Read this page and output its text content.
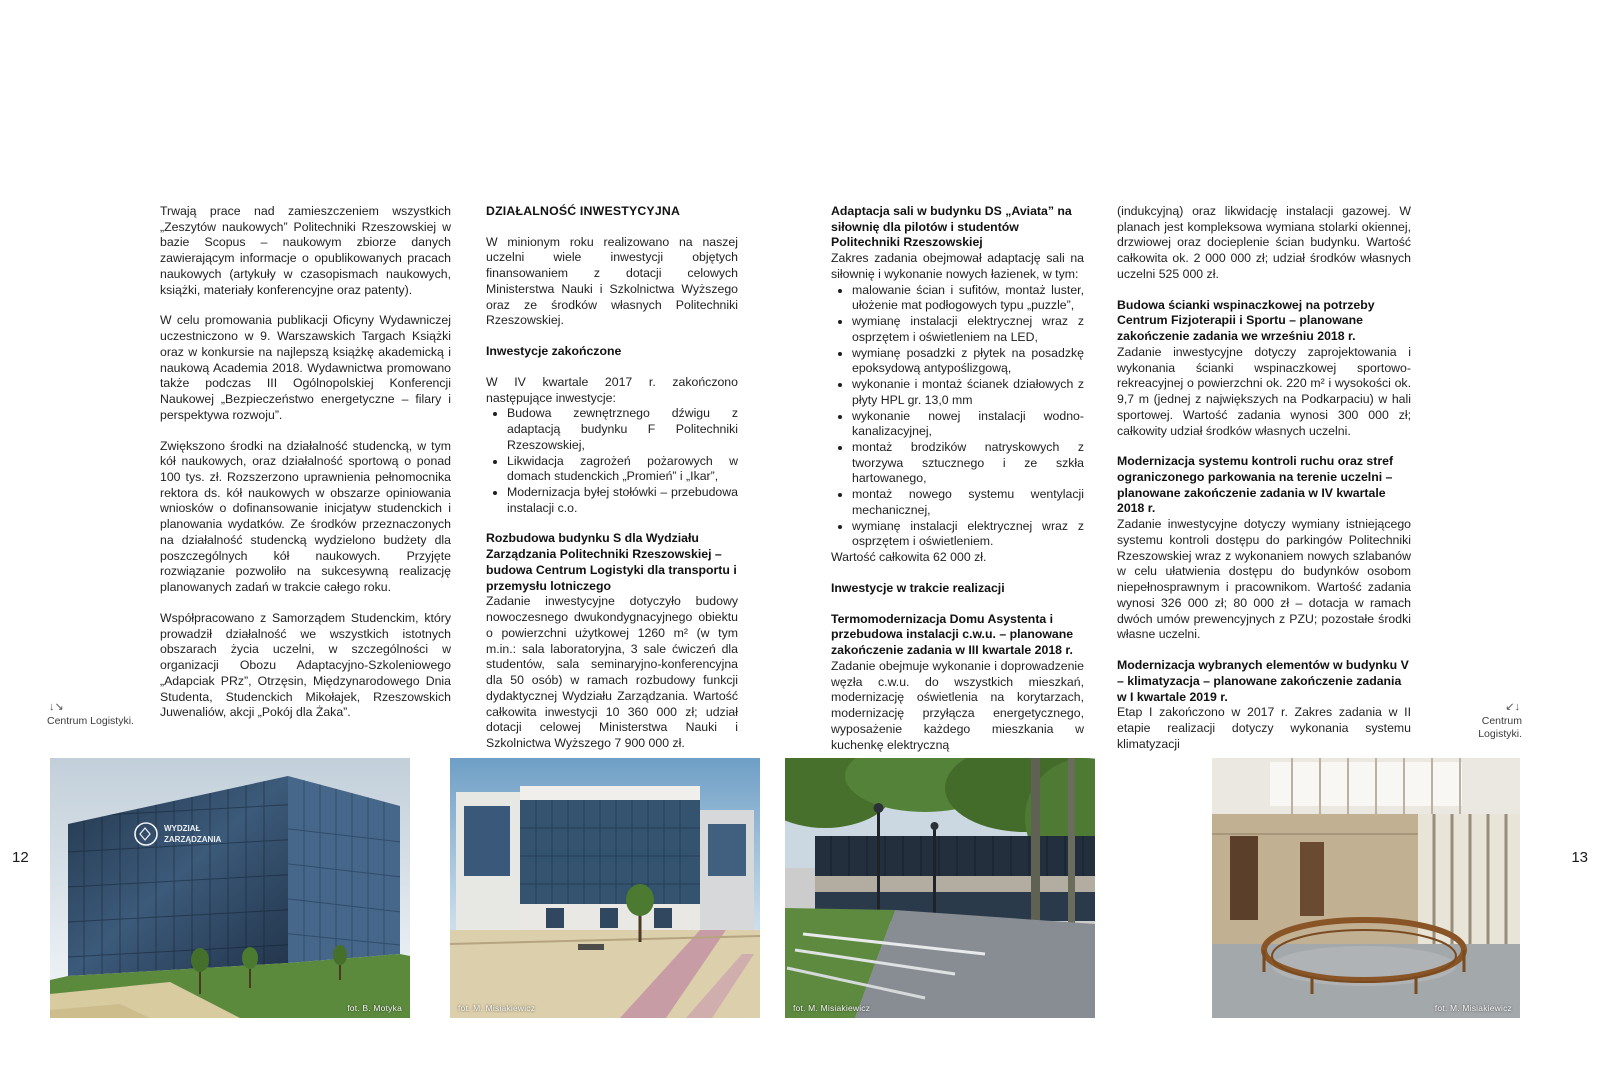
12	13
↓↘
Centrum Logistyki.
↙↓
Centrum Logistyki.

Trwają prace nad zamieszczeniem wszystkich „Zeszytów naukowych” Politechniki Rzeszowskiej w bazie Scopus – naukowym zbiorze danych zawierającym informacje o opublikowanych pracach naukowych (artykuły w czasopismach naukowych, książki, materiały konferencyjne oraz patenty).

W celu promowania publikacji Oficyny Wydawniczej uczestniczono w 9. Warszawskich Targach Książki oraz w konkursie na najlepszą książkę akademicką i naukową Academia 2018. Wydawnictwa promowano także podczas III Ogólnopolskiej Konferencji Naukowej „Bezpieczeństwo energetyczne – filary i perspektywa rozwoju”.

Zwiększono środki na działalność studencką, w tym kół naukowych, oraz działalność sportową o ponad 100 tys. zł. Rozszerzono uprawnienia pełnomocnika rektora ds. kół naukowych w obszarze opiniowania wniosków o dofinansowanie inicjatyw studenckich i planowania wydatków. Ze środków przeznaczonych na działalność studencką wydzielono budżety dla poszczególnych kół naukowych. Przyjęte rozwiązanie pozwoliło na sukcesywną realizację planowanych zadań w trakcie całego roku.

Współpracowano z Samorządem Studenckim, który prowadził działalność we wszystkich istotnych obszarach życia uczelni, w szczególności w organizacji Obozu Adaptacyjno-Szkoleniowego „Adapciak PRz”, Otrzęsin, Międzynarodowego Dnia Studenta, Studenckich Mikołajek, Rzeszowskich Juwenaliów, akcji „Pokój dla Żaka”.

DZIAŁALNOŚĆ INWESTYCYJNA

W minionym roku realizowano na naszej uczelni wiele inwestycji objętych finansowaniem z dotacji celowych Ministerstwa Nauki i Szkolnictwa Wyższego oraz ze środków własnych Politechniki Rzeszowskiej.

Inwestycje zakończone

W IV kwartale 2017 r. zakończono następujące inwestycje:

• Budowa zewnętrznego dźwigu z adaptacją budynku F Politechniki Rzeszowskiej,
• Likwidacja zagrożeń pożarowych w domach studenckich „Promień” i „Ikar”,
• Modernizacja byłej stołówki – przebudowa instalacji c.o.
Rozbudowa budynku S dla Wydziału Zarządzania Politechniki Rzeszowskiej – budowa Centrum Logistyki dla transportu i przemysłu lotniczego

Zadanie inwestycyjne dotyczyło budowy nowoczesnego dwukondygnacyjnego obiektu o powierzchni użytkowej 1260 m² (w tym m.in.: sala laboratoryjna, 3 sale ćwiczeń dla studentów, sala seminaryjno-konferencyjna dla 50 osób) w ramach rozbudowy funkcji dydaktycznej Wydziału Zarządzania. Wartość całkowita inwestycji 10 360 000 zł; udział dotacji celowej Ministerstwa Nauki i Szkolnictwa Wyższego 7 900 000 zł.

Adaptacja sali w budynku DS „Aviata” na siłownię dla pilotów i studentów Politechniki Rzeszowskiej

Zakres zadania obejmował adaptację sali na siłownię i wykonanie nowych łazienek, w tym:

• malowanie ścian i sufitów, montaż luster, ułożenie mat podłogowych typu „puzzle”,
• wymianę instalacji elektrycznej wraz z osprzętem i oświetleniem na LED,
• wymianę posadzki z płytek na posadzkę epoksydową antypoślizgową,
• wykonanie i montaż ścianek działowych z płyty HPL gr. 13,0 mm
• wykonanie nowej instalacji wodno-kanalizacyjnej,
• montaż brodzików natryskowych z tworzywa sztucznego i ze szkła hartowanego,
• montaż nowego systemu wentylacji mechanicznej,
• wymianę instalacji elektrycznej wraz z osprzętem i oświetleniem.

Wartość całkowita 62 000 zł.

Inwestycje w trakcie realizacji
Termomodernizacja Domu Asystenta i przebudowa instalacji c.w.u. – planowane zakończenie zadania w III kwartale 2018 r.

Zadanie obejmuje wykonanie i doprowadzenie węzła c.w.u. do wszystkich mieszkań, modernizację oświetlenia na korytarzach, modernizację przyłącza energetycznego, wyposażenie każdego mieszkania w kuchenkę elektryczną

(indukcyjną) oraz likwidację instalacji gazowej. W planach jest kompleksowa wymiana stolarki okiennej, drzwiowej oraz docieplenie ścian budynku. Wartość całkowita ok. 2 000 000 zł; udział środków własnych uczelni 525 000 zł.

Budowa ścianki wspinaczkowej na potrzeby Centrum Fizjoterapii i Sportu – planowane zakończenie zadania we wrześniu 2018 r.

Zadanie inwestycyjne dotyczy zaprojektowania i wykonania ścianki wspinaczkowej sportowo-rekreacyjnej o powierzchni ok. 220 m² i wysokości ok. 9,7 m (jednej z największych na Podkarpaciu) w hali sportowej. Wartość zadania wynosi 300 000 zł; całkowity udział środków własnych uczelni.

Modernizacja systemu kontroli ruchu oraz stref ograniczonego parkowania na terenie uczelni – planowane zakończenie zadania w IV kwartale 2018 r.

Zadanie inwestycyjne dotyczy wymiany istniejącego systemu kontroli dostępu do parkingów Politechniki Rzeszowskiej wraz z wykonaniem nowych szlabanów w celu ułatwienia dostępu do budynków osobom niepełnosprawnym i pracownikom. Wartość zadania wynosi 326 000 zł; 80 000 zł – dotacja w ramach dwóch umów prewencyjnych z PZU; pozostałe środki własne uczelni.

Modernizacja wybranych elementów w budynku V – klimatyzacja – planowane zakończenie zadania w I kwartale 2019 r.

Etap I zakończono w 2017 r. Zakres zadania w II etapie realizacji dotyczy wykonania systemu klimatyzacji

WYDZIAŁ
ZARZĄDZANIA
fot. B. Motyka	fot. M. Misiakiewicz	fot. M. Misiakiewicz	fot. M. Misiakiewicz
